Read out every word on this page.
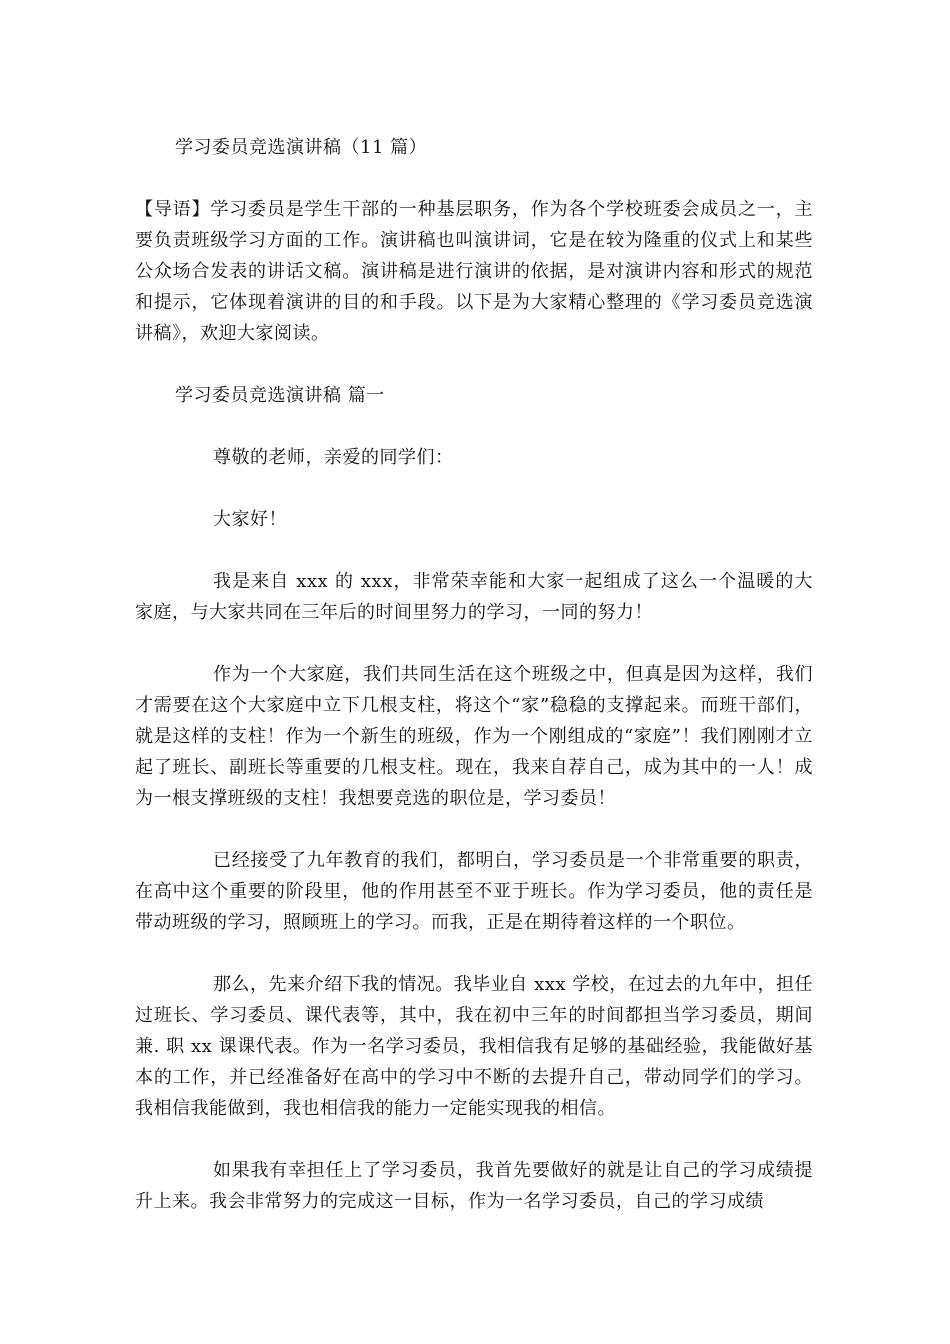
学习委员竞选演讲稿（11 篇）

【导语】学习委员是学生干部的一种基层职务，作为各个学校班委会成员之一，主要负责班级学习方面的工作。演讲稿也叫演讲词，它是在较为隆重的仪式上和某些公众场合发表的讲话文稿。演讲稿是进行演讲的依据，是对演讲内容和形式的规范和提示，它体现着演讲的目的和手段。以下是为大家精心整理的《学习委员竞选演讲稿》，欢迎大家阅读。

学习委员竞选演讲稿 篇一

尊敬的老师，亲爱的同学们：

大家好！

我是来自 xxx 的 xxx，非常荣幸能和大家一起组成了这么一个温暖的大家庭，与大家共同在三年后的时间里努力的学习，一同的努力！

作为一个大家庭，我们共同生活在这个班级之中，但真是因为这样，我们才需要在这个大家庭中立下几根支柱，将这个“家”稳稳的支撑起来。而班干部们，就是这样的支柱！作为一个新生的班级，作为一个刚组成的“家庭”！我们刚刚才立起了班长、副班长等重要的几根支柱。现在，我来自荐自己，成为其中的一人！成为一根支撑班级的支柱！我想要竞选的职位是，学习委员！

已经接受了九年教育的我们，都明白，学习委员是一个非常重要的职责，在高中这个重要的阶段里，他的作用甚至不亚于班长。作为学习委员，他的责任是带动班级的学习，照顾班上的学习。而我，正是在期待着这样的一个职位。

那么，先来介绍下我的情况。我毕业自 xxx 学校，在过去的九年中，担任过班长、学习委员、课代表等，其中，我在初中三年的时间都担当学习委员，期间兼. 职 xx 课课代表。作为一名学习委员，我相信我有足够的基础经验，我能做好基本的工作，并已经准备好在高中的学习中不断的去提升自己，带动同学们的学习。我相信我能做到，我也相信我的能力一定能实现我的相信。

如果我有幸担任上了学习委员，我首先要做好的就是让自己的学习成绩提升上来。我会非常努力的完成这一目标，作为一名学习委员，自己的学习成绩
